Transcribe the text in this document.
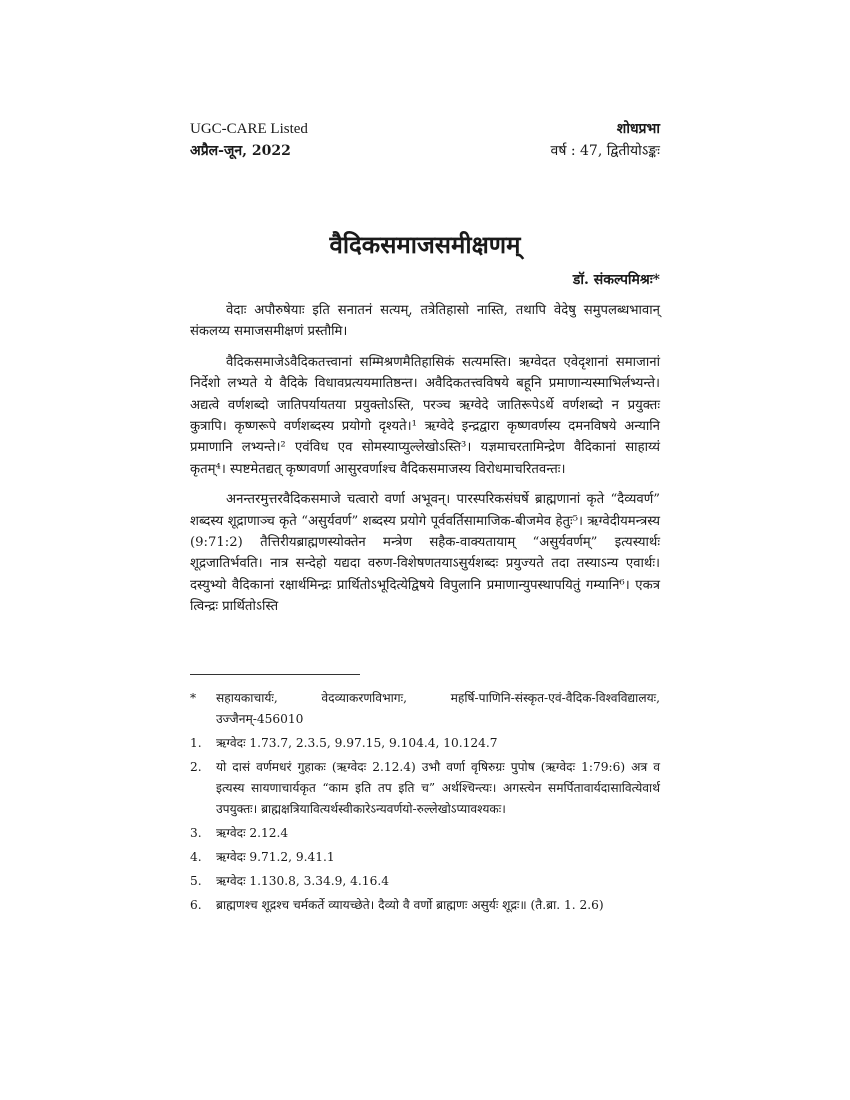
UGC-CARE Listed
अप्रैल-जून, 2022
शोधप्रभा
वर्ष : 47, द्वितीयोऽङ्कः
वैदिकसमाजसमीक्षणम्
डॉ. संकल्पमिश्रः*

वेदाः अपौरुषेयाः इति सनातनं सत्यम्, तत्रेतिहासो नास्ति, तथापि वेदेषु समुपलब्धभावान् संकलय्य समाजसमीक्षणं प्रस्तौमि।

वैदिकसमाजेऽवैदिकतत्त्वानां सम्मिश्रणमैतिहासिकं सत्यमस्ति। ऋग्वेदत एवेदृशानां समाजानां निर्देशो लभ्यते ये वैदिके विधावप्रत्ययमातिष्ठन्त। अवैदिकतत्त्वविषये बहूनि प्रमाणान्यस्माभिर्लभ्यन्ते। अद्यत्वे वर्णशब्दो जातिपर्यायतया प्रयुक्तोऽस्ति, परञ्च ऋग्वेदे जातिरूपेऽर्थे वर्णशब्दो न प्रयुक्तः कुत्रापि। कृष्णरूपे वर्णशब्दस्य प्रयोगो दृश्यते।¹ ऋग्वेदे इन्द्रद्वारा कृष्णवर्णस्य दमनविषये अन्यानि प्रमाणानि लभ्यन्ते।² एवंविध एव सोमस्याप्युल्लेखोऽस्ति³। यज्ञमाचरतामिन्द्रेण वैदिकानां साहाय्यं कृतम्⁴। स्पष्टमेतद्यत् कृष्णवर्णा आसुरवर्णाश्च वैदिकसमाजस्य विरोधमाचरितवन्तः।

अनन्तरमुत्तरवैदिकसमाजे चत्वारो वर्णा अभूवन्। पारस्परिकसंघर्षे ब्राह्मणानां कृते “दैव्यवर्ण” शब्दस्य शूद्राणाञ्च कृते “असुर्यवर्ण” शब्दस्य प्रयोगे पूर्ववर्तिसामाजिक-बीजमेव हेतुः⁵। ऋग्वेदीयमन्त्रस्य (9:71:2) तैत्तिरीयब्राह्मणस्योक्तेन मन्त्रेण सहैक-वाक्यतायाम् “असुर्यवर्णम्” इत्यस्यार्थः शूद्रजातिर्भवति। नात्र सन्देहो यद्यदा वरुण-विशेषणतयाऽसुर्यशब्दः प्रयुज्यते तदा तस्याऽन्य एवार्थः। दस्युभ्यो वैदिकानां रक्षार्थमिन्द्रः प्रार्थितोऽभूदित्येद्विषये विपुलानि प्रमाणान्युपस्थापयितुं गम्यानि⁶। एकत्र त्विन्द्रः प्रार्थितोऽस्ति

*	सहायकाचार्यः, वेदव्याकरणविभागः, महर्षि-पाणिनि-संस्कृत-एवं-वैदिक-विश्वविद्यालयः, उज्जैनम्-456010
1.	ऋग्वेदः 1.73.7, 2.3.5, 9.97.15, 9.104.4, 10.124.7
2.	यो दासं वर्णमधरं गुहाकः (ऋग्वेदः 2.12.4) उभौ वर्णा वृषिरुग्रः पुपोष (ऋग्वेदः 1:79:6) अत्र व इत्यस्य सायणाचार्यकृत “काम इति तप इति च” अर्थश्चिन्त्यः। अगस्त्येन समर्पितावार्यदासावित्येवार्थ उपयुक्तः। ब्राह्मक्षत्रियावित्यर्थस्वीकारेऽन्यवर्णयो-रुल्लेखोऽप्यावश्यकः।
3.	ऋग्वेदः 2.12.4
4.	ऋग्वेदः 9.71.2, 9.41.1
5.	ऋग्वेदः 1.130.8, 3.34.9, 4.16.4
6.	ब्राह्मणश्च शूद्रश्च चर्मकर्ते व्यायच्छेते। दैव्यो वै वर्णो ब्राह्मणः असुर्यः शूद्रः॥ (तै.ब्रा. 1. 2.6)
